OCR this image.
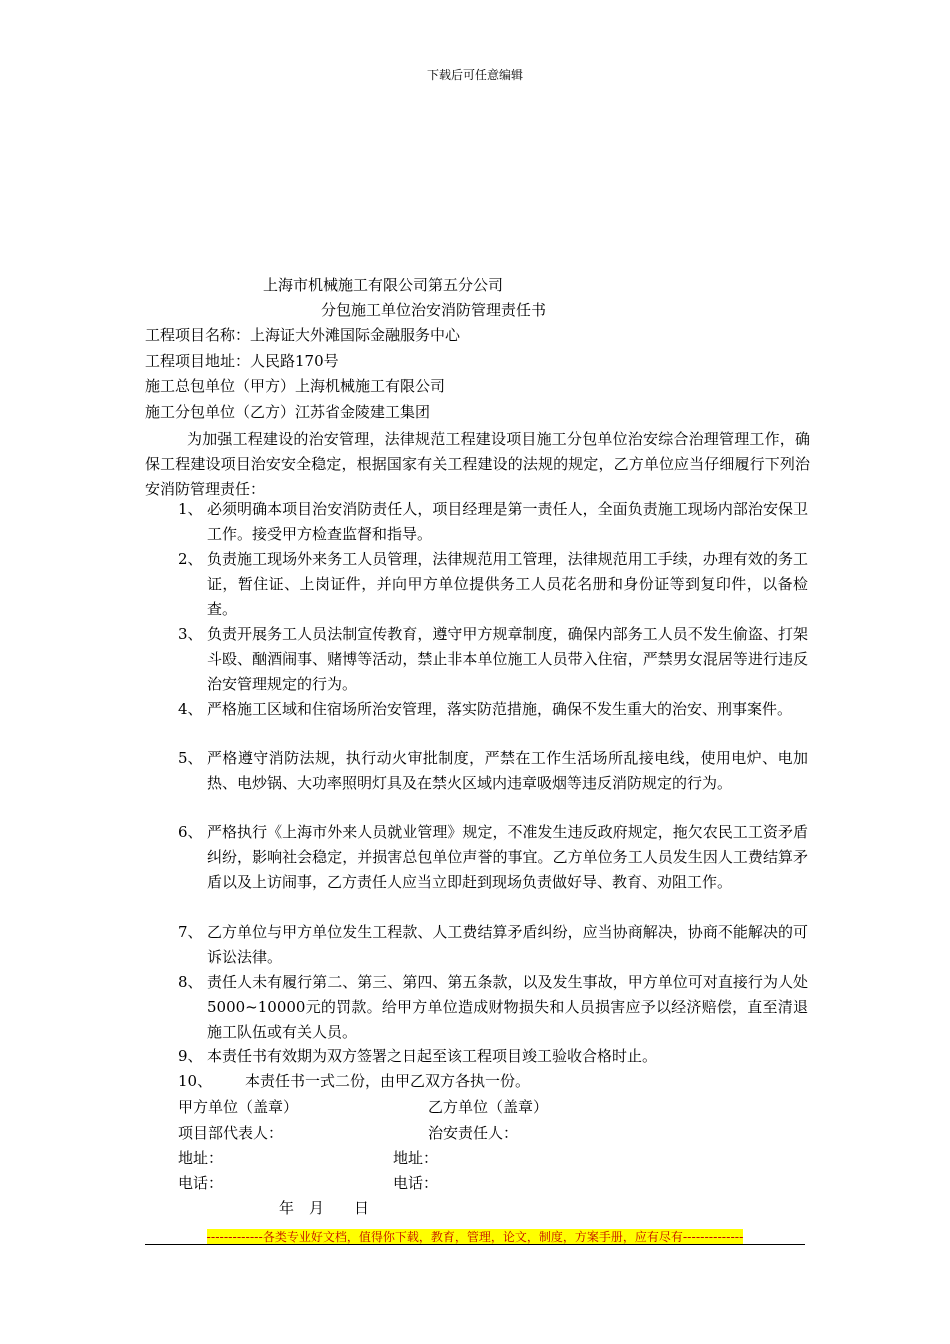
下载后可任意编辑
上海市机械施工有限公司第五分公司
分包施工单位治安消防管理责任书
工程项目名称：上海证大外滩国际金融服务中心
工程项目地址：人民路170号
施工总包单位（甲方）上海机械施工有限公司
施工分包单位（乙方）江苏省金陵建工集团
为加强工程建设的治安管理，法律规范工程建设项目施工分包单位治安综合治理管理工作，确保工程建设项目治安安全稳定，根据国家有关工程建设的法规的规定，乙方单位应当仔细履行下列治安消防管理责任：
1、 必须明确本项目治安消防责任人，项目经理是第一责任人，全面负责施工现场内部治安保卫工作。接受甲方检查监督和指导。
2、 负责施工现场外来务工人员管理，法律规范用工管理，法律规范用工手续，办理有效的务工证，暂住证、上岗证件，并向甲方单位提供务工人员花名册和身份证等到复印件，以备检查。
3、 负责开展务工人员法制宣传教育，遵守甲方规章制度，确保内部务工人员不发生偷盗、打架斗殴、酗酒闹事、赌博等活动，禁止非本单位施工人员带入住宿，严禁男女混居等进行违反治安管理规定的行为。
4、 严格施工区域和住宿场所治安管理，落实防范措施，确保不发生重大的治安、刑事案件。
5、 严格遵守消防法规，执行动火审批制度，严禁在工作生活场所乱接电线，使用电炉、电加热、电炒锅、大功率照明灯具及在禁火区域内违章吸烟等违反消防规定的行为。
6、 严格执行《上海市外来人员就业管理》规定，不准发生违反政府规定，拖欠农民工工资矛盾纠纷，影响社会稳定，并损害总包单位声誉的事宜。乙方单位务工人员发生因人工费结算矛盾以及上访闹事，乙方责任人应当立即赶到现场负责做好导、教育、劝阻工作。
7、 乙方单位与甲方单位发生工程款、人工费结算矛盾纠纷，应当协商解决，协商不能解决的可诉讼法律。
8、 责任人未有履行第二、第三、第四、第五条款，以及发生事故，甲方单位可对直接行为人处5000~10000元的罚款。给甲方单位造成财物损失和人员损害应予以经济赔偿，直至清退施工队伍或有关人员。
9、 本责任书有效期为双方签署之日起至该工程项目竣工验收合格时止。
10、 本责任书一式二份，由甲乙双方各执一份。
甲方单位（盖章）	乙方单位（盖章）
项目部代表人：	治安责任人：
地址：	地址：
电话：	电话：
年　月　　日
-------------各类专业好文档，值得你下载，教育，管理，论文，制度，方案手册，应有尽有--------------
